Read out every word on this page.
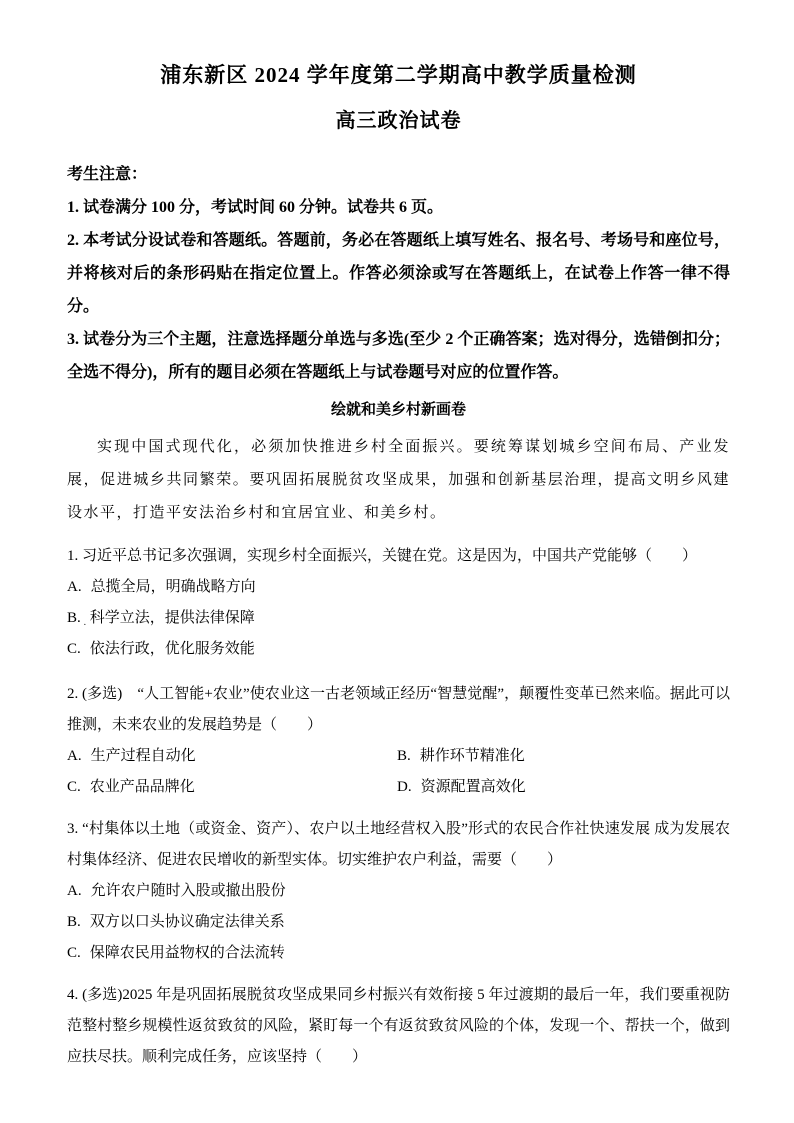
浦东新区 2024 学年度第二学期高中教学质量检测
高三政治试卷
考生注意：
1. 试卷满分 100 分，考试时间 60 分钟。试卷共 6 页。
2. 本考试分设试卷和答题纸。答题前，务必在答题纸上填写姓名、报名号、考场号和座位号，并将核对后的条形码贴在指定位置上。作答必须涂或写在答题纸上，在试卷上作答一律不得分。
3. 试卷分为三个主题，注意选择题分单选与多选(至少 2 个正确答案；选对得分，选错倒扣分；全选不得分)，所有的题目必须在答题纸上与试卷题号对应的位置作答。
绘就和美乡村新画卷
实现中国式现代化，必须加快推进乡村全面振兴。要统筹谋划城乡空间布局、产业发展，促进城乡共同繁荣。要巩固拓展脱贫攻坚成果，加强和创新基层治理，提高文明乡风建设水平，打造平安法治乡村和宜居宜业、和美乡村。
1. 习近平总书记多次强调，实现乡村全面振兴，关键在党。这是因为，中国共产党能够（　　）
A. 总揽全局，明确战略方向
B. 科学立法，提供法律保障
C. 依法行政，优化服务效能
·
2. (多选)　“人工智能+农业”使农业这一古老领域正经历“智慧觉醒”，颠覆性变革已然来临。据此可以推测，未来农业的发展趋势是（　　）
A. 生产过程自动化	B. 耕作环节精准化
C. 农业产品品牌化	D. 资源配置高效化
3. “村集体以土地（或资金、资产）、农户以土地经营权入股”形式的农民合作社快速发展 成为发展农村集体经济、促进农民增收的新型实体。切实维护农户利益，需要（　　）
A. 允许农户随时入股或撤出股份
B. 双方以口头协议确定法律关系
C. 保障农民用益物权的合法流转
4. (多选)2025 年是巩固拓展脱贫攻坚成果同乡村振兴有效衔接 5 年过渡期的最后一年，我们要重视防范整村整乡规模性返贫致贫的风险，紧盯每一个有返贫致贫风险的个体，发现一个、帮扶一个，做到应扶尽扶。顺利完成任务，应该坚持（　　）
